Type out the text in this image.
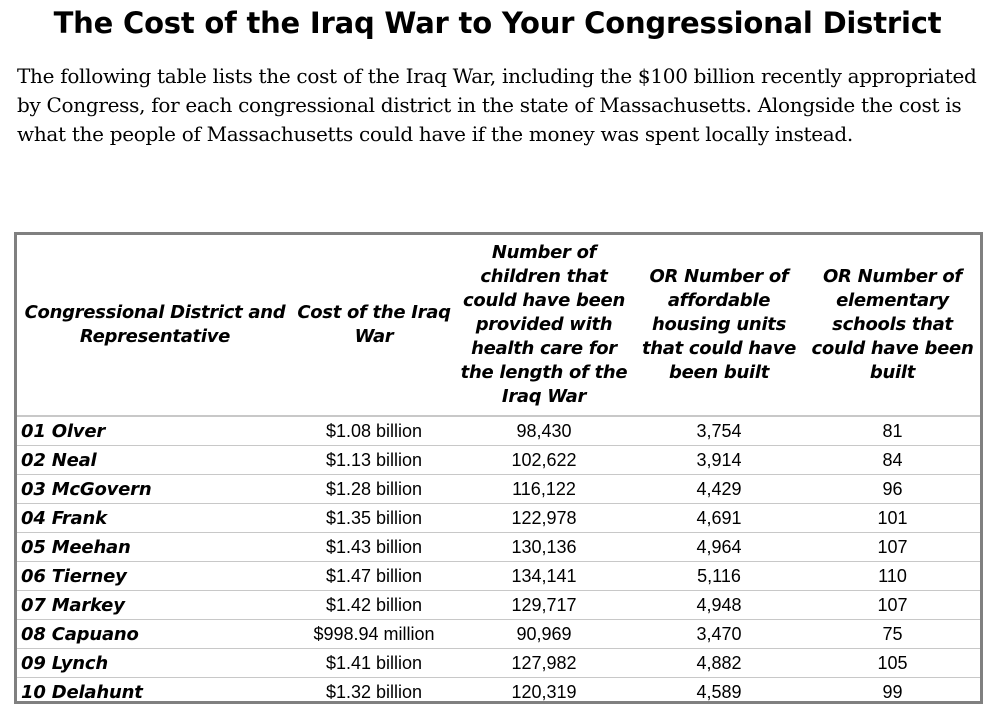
The Cost of the Iraq War to Your Congressional District

The following table lists the cost of the Iraq War, including the $100 billion recently appropriated by Congress, for each congressional district in the state of Massachusetts. Alongside the cost is what the people of Massachusetts could have if the money was spent locally instead.

Congressional District and Representative	Cost of the Iraq War	Number of children that could have been provided with health care for the length of the Iraq War	OR Number of affordable housing units that could have been built	OR Number of elementary schools that could have been built
01 Olver	$1.08 billion	98,430	3,754	81
02 Neal	$1.13 billion	102,622	3,914	84
03 McGovern	$1.28 billion	116,122	4,429	96
04 Frank	$1.35 billion	122,978	4,691	101
05 Meehan	$1.43 billion	130,136	4,964	107
06 Tierney	$1.47 billion	134,141	5,116	110
07 Markey	$1.42 billion	129,717	4,948	107
08 Capuano	$998.94 million	90,969	3,470	75
09 Lynch	$1.41 billion	127,982	4,882	105
10 Delahunt	$1.32 billion	120,319	4,589	99
